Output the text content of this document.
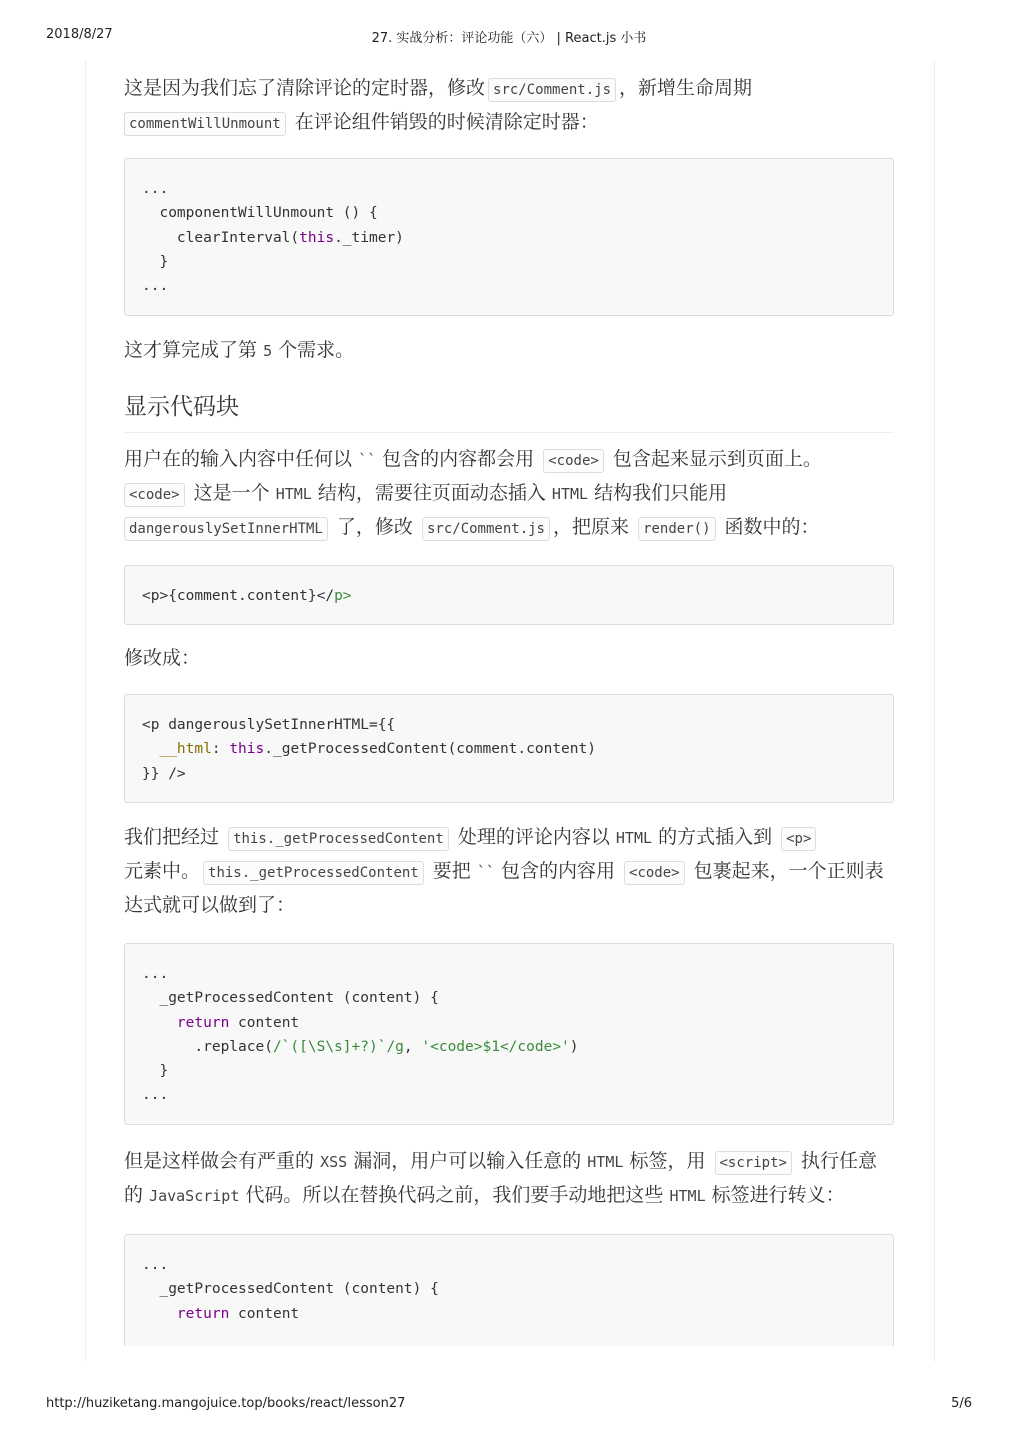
2018/8/27	27. 实战分析：评论功能（六） | React.js 小书

这是因为我们忘了清除评论的定时器，修改 src/Comment.js ，新增生命周期
commentWillUnmount 在评论组件销毁的时候清除定时器：

...
componentWillUnmount () {
clearInterval(this._timer)
}
...

这才算完成了第 5 个需求。

显示代码块

用户在的输入内容中任何以 `` 包含的内容都会用 <code> 包含起来显示到页面上。
<code> 这是一个 HTML 结构，需要往页面动态插入 HTML 结构我们只能用
dangerouslySetInnerHTML 了，修改 src/Comment.js ，把原来 render() 函数中的：

<p>{comment.content}</p>

修改成：

<p dangerouslySetInnerHTML={{
__html: this._getProcessedContent(comment.content)
}} />

我们把经过 this._getProcessedContent 处理的评论内容以 HTML 的方式插入到 <p>
元素中。 this._getProcessedContent 要把 `` 包含的内容用 <code> 包裹起来，一个正则表达式就可以做到了：

...
_getProcessedContent (content) {
return content
.replace(/`([\S\s]+?)`/g, '<code>$1</code>')
}
...

但是这样做会有严重的 XSS 漏洞，用户可以输入任意的 HTML 标签，用 <script> 执行任意的 JavaScript 代码。所以在替换代码之前，我们要手动地把这些 HTML 标签进行转义：

...
_getProcessedContent (content) {
return content
http://huziketang.mangojuice.top/books/react/lesson27	5/6
